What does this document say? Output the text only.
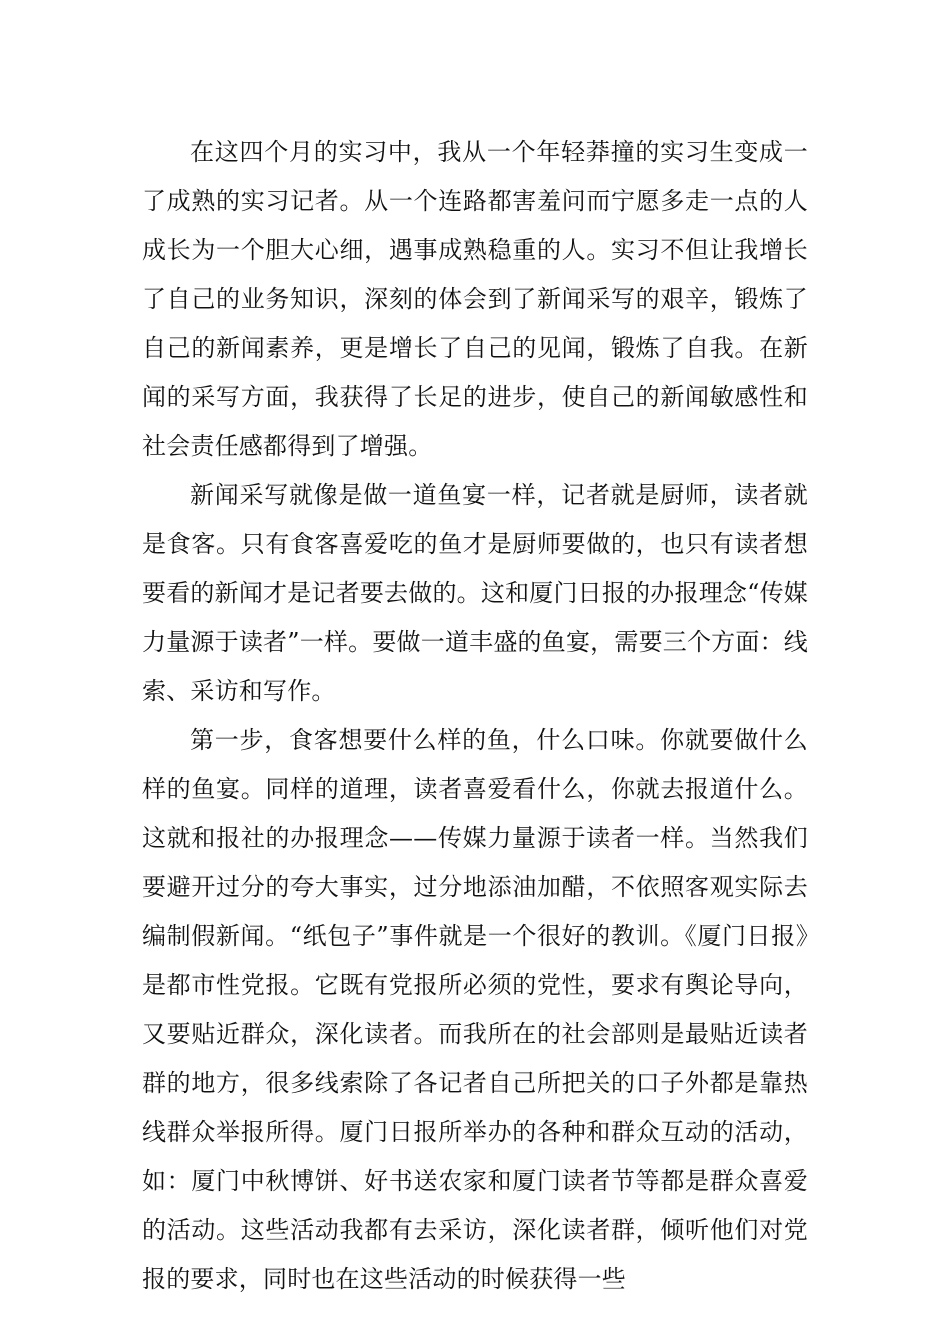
在这四个月的实习中，我从一个年轻莽撞的实习生变成一了成熟的实习记者。从一个连路都害羞问而宁愿多走一点的人成长为一个胆大心细，遇事成熟稳重的人。实习不但让我增长了自己的业务知识，深刻的体会到了新闻采写的艰辛，锻炼了自己的新闻素养，更是增长了自己的见闻，锻炼了自我。在新闻的采写方面，我获得了长足的进步，使自己的新闻敏感性和社会责任感都得到了增强。

新闻采写就像是做一道鱼宴一样，记者就是厨师，读者就是食客。只有食客喜爱吃的鱼才是厨师要做的，也只有读者想要看的新闻才是记者要去做的。这和厦门日报的办报理念“传媒力量源于读者”一样。要做一道丰盛的鱼宴，需要三个方面：线索、采访和写作。

第一步，食客想要什么样的鱼，什么口味。你就要做什么样的鱼宴。同样的道理，读者喜爱看什么，你就去报道什么。这就和报社的办报理念——传媒力量源于读者一样。当然我们要避开过分的夸大事实，过分地添油加醋，不依照客观实际去编制假新闻。“纸包子”事件就是一个很好的教训。《厦门日报》是都市性党报。它既有党报所必须的党性，要求有舆论导向，又要贴近群众，深化读者。而我所在的社会部则是最贴近读者群的地方，很多线索除了各记者自己所把关的口子外都是靠热线群众举报所得。厦门日报所举办的各种和群众互动的活动，如：厦门中秋博饼、好书送农家和厦门读者节等都是群众喜爱的活动。这些活动我都有去采访，深化读者群，倾听他们对党报的要求，同时也在这些活动的时候获得一些
